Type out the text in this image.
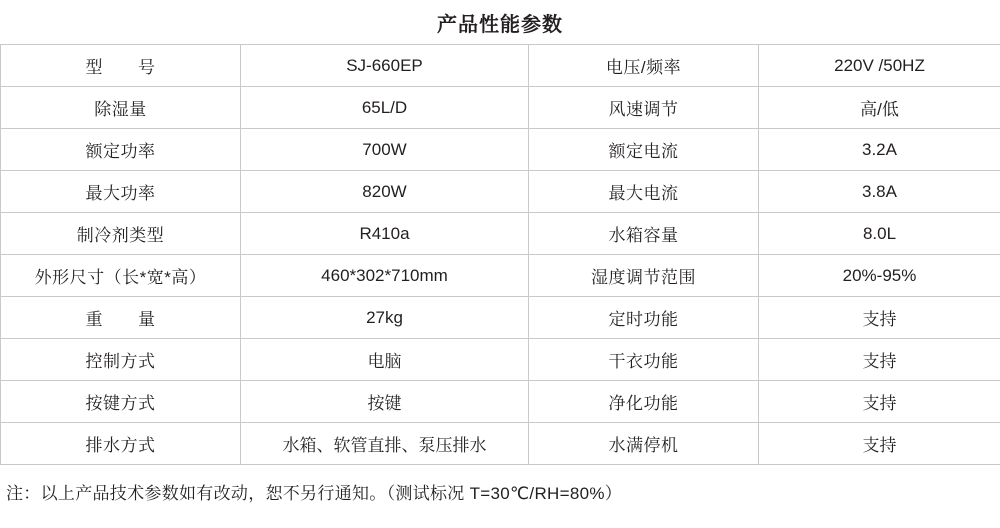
产品性能参数
型　　号	SJ-660EP	电压/频率	220V /50HZ
除湿量	65L/D	风速调节	高/低
额定功率	700W	额定电流	3.2A
最大功率	820W	最大电流	3.8A
制冷剂类型	R410a	水箱容量	8.0L
外形尺寸（长*宽*高）	460*302*710mm	湿度调节范围	20%-95%
重　　量	27kg	定时功能	支持
控制方式	电脑	干衣功能	支持
按键方式	按键	净化功能	支持
排水方式	水箱、软管直排、泵压排水	水满停机	支持
注：以上产品技术参数如有改动，恕不另行通知。（测试标况 T=30℃/RH=80%）
